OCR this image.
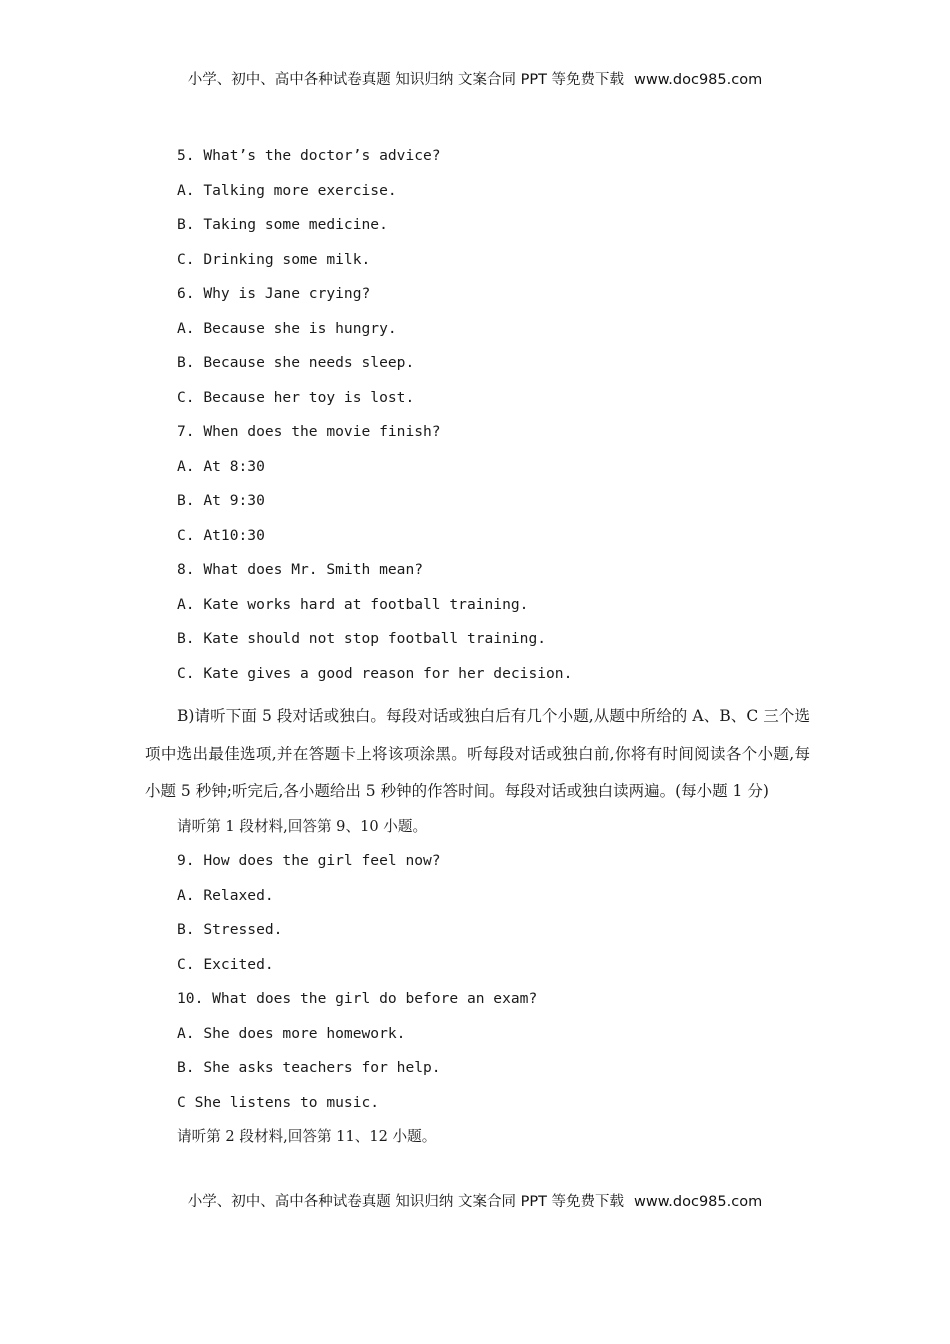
小学、初中、高中各种试卷真题 知识归纳 文案合同 PPT 等免费下载 www.doc985.com
5. What’s the doctor’s advice?
A. Talking more exercise.
B. Taking some medicine.
C. Drinking some milk.
6. Why is Jane crying?
A. Because she is hungry.
B. Because she needs sleep.
C. Because her toy is lost.
7. When does the movie finish?
A. At 8:30
B. At 9:30
C. At10:30
8. What does Mr. Smith mean?
A. Kate works hard at football training.
B. Kate should not stop football training.
C. Kate gives a good reason for her decision.
B)请听下面 5 段对话或独白。每段对话或独白后有几个小题,从题中所给的 A、B、C 三个选项中选出最佳选项,并在答题卡上将该项涂黑。听每段对话或独白前,你将有时间阅读各个小题,每小题 5 秒钟;听完后,各小题给出 5 秒钟的作答时间。每段对话或独白读两遍。(每小题 1 分)
请听第 1 段材料,回答第 9、10 小题。
9. How does the girl feel now?
A. Relaxed.
B. Stressed.
C. Excited.
10. What does the girl do before an exam?
A. She does more homework.
B. She asks teachers for help.
C She listens to music.
请听第 2 段材料,回答第 11、12 小题。
小学、初中、高中各种试卷真题 知识归纳 文案合同 PPT 等免费下载 www.doc985.com
